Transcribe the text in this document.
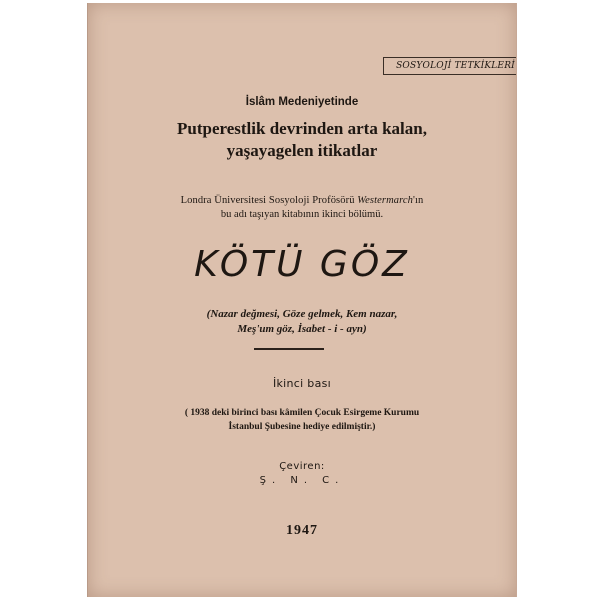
SOSYOLOJİ TETKİKLERİ
İslâm Medeniyetinde
Putperestlik devrinden arta kalan,
yaşayagelen itikatlar
Londra Üniversitesi Sosyoloji Profösörü Westermarch'ın
bu adı taşıyan kitabının ikinci bölümü.
KÖTÜ GÖZ
(Nazar değmesi, Göze gelmek, Kem nazar,
Meş'um göz, İsabet - i - ayn)
İkinci bası
( 1938 deki birinci bası kâmilen Çocuk Esirgeme Kurumu
İstanbul Şubesine hediye edilmiştir.)
Çeviren:
Ş. N. C.
1947
